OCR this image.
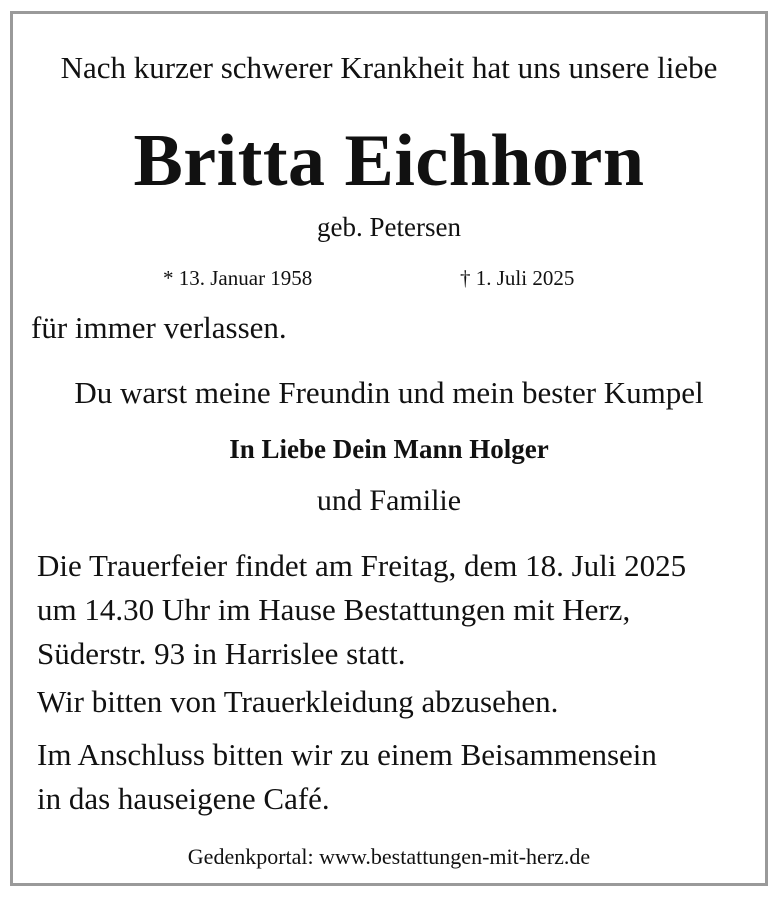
Nach kurzer schwerer Krankheit hat uns unsere liebe
Britta Eichhorn
geb. Petersen
* 13. Januar 1958	† 1. Juli 2025
für immer verlassen.
Du warst meine Freundin und mein bester Kumpel
In Liebe Dein Mann Holger
und Familie
Die Trauerfeier findet am Freitag, dem 18. Juli 2025
um 14.30 Uhr im Hause Bestattungen mit Herz,
Süderstr. 93 in Harrislee statt.
Wir bitten von Trauerkleidung abzusehen.
Im Anschluss bitten wir zu einem Beisammensein
in das hauseigene Café.
Gedenkportal: www.bestattungen-mit-herz.de
